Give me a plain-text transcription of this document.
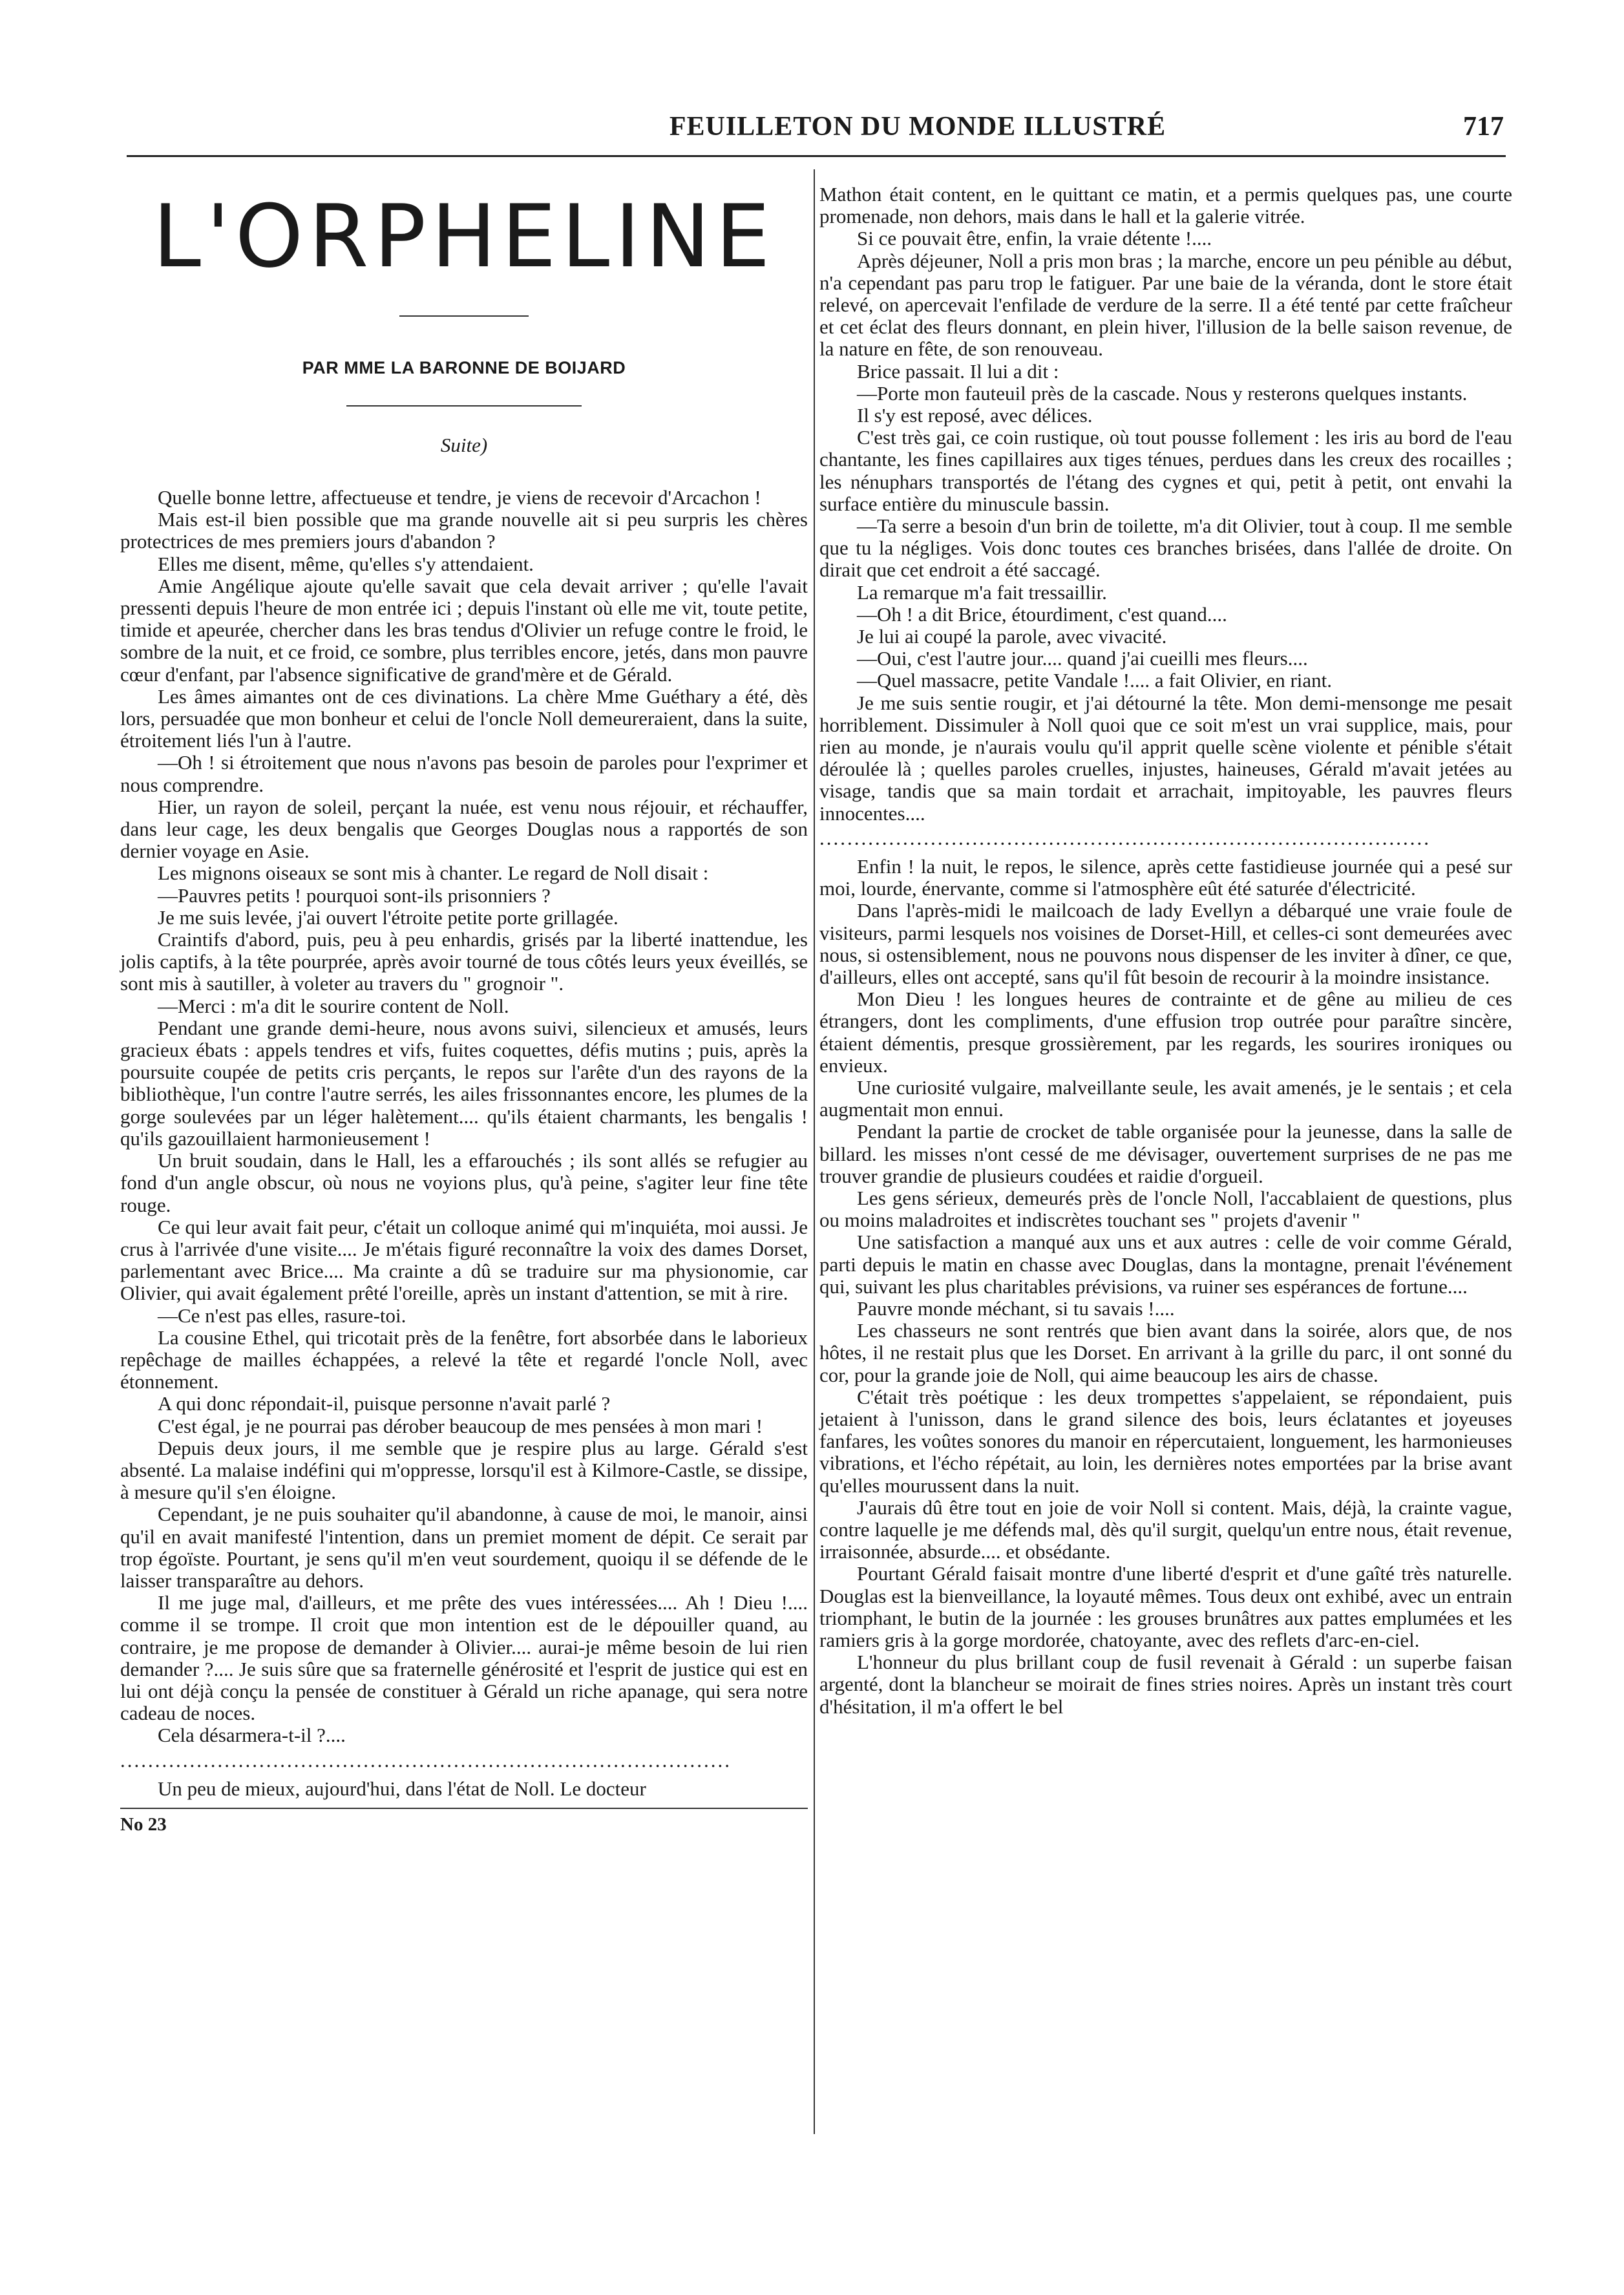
FEUILLETON DU MONDE ILLUSTRÉ	717
L'ORPHELINE
PAR MME LA BARONNE DE BOIJARD
Suite)

Quelle bonne lettre, affectueuse et tendre, je viens de recevoir d'Arcachon !

Mais est-il bien possible que ma grande nouvelle ait si peu surpris les chères protectrices de mes premiers jours d'abandon ?

Elles me disent, même, qu'elles s'y attendaient.

Amie Angélique ajoute qu'elle savait que cela devait arriver ; qu'elle l'avait pressenti depuis l'heure de mon entrée ici ; depuis l'instant où elle me vit, toute petite, timide et apeurée, chercher dans les bras tendus d'Olivier un refuge contre le froid, le sombre de la nuit, et ce froid, ce sombre, plus terribles encore, jetés, dans mon pauvre cœur d'enfant, par l'absence significative de grand'mère et de Gérald.

Les âmes aimantes ont de ces divinations. La chère Mme Guéthary a été, dès lors, persuadée que mon bonheur et celui de l'oncle Noll demeureraient, dans la suite, étroitement liés l'un à l'autre.

—Oh ! si étroitement que nous n'avons pas besoin de paroles pour l'exprimer et nous comprendre.

Hier, un rayon de soleil, perçant la nuée, est venu nous réjouir, et réchauffer, dans leur cage, les deux bengalis que Georges Douglas nous a rapportés de son dernier voyage en Asie.

Les mignons oiseaux se sont mis à chanter. Le regard de Noll disait :

—Pauvres petits ! pourquoi sont-ils prisonniers ?

Je me suis levée, j'ai ouvert l'étroite petite porte grillagée.

Craintifs d'abord, puis, peu à peu enhardis, grisés par la liberté inattendue, les jolis captifs, à la tête pourprée, après avoir tourné de tous côtés leurs yeux éveillés, se sont mis à sautiller, à voleter au travers du " grognoir ".

—Merci : m'a dit le sourire content de Noll.

Pendant une grande demi-heure, nous avons suivi, silencieux et amusés, leurs gracieux ébats : appels tendres et vifs, fuites coquettes, défis mutins ; puis, après la poursuite coupée de petits cris perçants, le repos sur l'arête d'un des rayons de la bibliothèque, l'un contre l'autre serrés, les ailes frissonnantes encore, les plumes de la gorge soulevées par un léger halètement.... qu'ils étaient charmants, les bengalis ! qu'ils gazouillaient harmonieusement !

Un bruit soudain, dans le Hall, les a effarouchés ; ils sont allés se refugier au fond d'un angle obscur, où nous ne voyions plus, qu'à peine, s'agiter leur fine tête rouge.

Ce qui leur avait fait peur, c'était un colloque animé qui m'inquiéta, moi aussi. Je crus à l'arrivée d'une visite.... Je m'étais figuré reconnaître la voix des dames Dorset, parlementant avec Brice.... Ma crainte a dû se traduire sur ma physionomie, car Olivier, qui avait également prêté l'oreille, après un instant d'attention, se mit à rire.

—Ce n'est pas elles, rasure-toi.

La cousine Ethel, qui tricotait près de la fenêtre, fort absorbée dans le laborieux repêchage de mailles échappées, a relevé la tête et regardé l'oncle Noll, avec étonnement.

A qui donc répondait-il, puisque personne n'avait parlé ?

C'est égal, je ne pourrai pas dérober beaucoup de mes pensées à mon mari !

Depuis deux jours, il me semble que je respire plus au large. Gérald s'est absenté. La malaise indéfini qui m'oppresse, lorsqu'il est à Kilmore-Castle, se dissipe, à mesure qu'il s'en éloigne.

Cependant, je ne puis souhaiter qu'il abandonne, à cause de moi, le manoir, ainsi qu'il en avait manifesté l'intention, dans un premiet moment de dépit. Ce serait par trop égoïste. Pourtant, je sens qu'il m'en veut sourdement, quoiqu il se défende de le laisser transparaître au dehors.

Il me juge mal, d'ailleurs, et me prête des vues intéressées.... Ah ! Dieu !.... comme il se trompe. Il croit que mon intention est de le dépouiller quand, au contraire, je me propose de demander à Olivier.... aurai-je même besoin de lui rien demander ?.... Je suis sûre que sa fraternelle générosité et l'esprit de justice qui est en lui ont déjà conçu la pensée de constituer à Gérald un riche apanage, qui sera notre cadeau de noces.

Cela désarmera-t-il ?....

........................................................................................

Un peu de mieux, aujourd'hui, dans l'état de Noll. Le docteur

No 23

Mathon était content, en le quittant ce matin, et a permis quelques pas, une courte promenade, non dehors, mais dans le hall et la galerie vitrée.

Si ce pouvait être, enfin, la vraie détente !....

Après déjeuner, Noll a pris mon bras ; la marche, encore un peu pénible au début, n'a cependant pas paru trop le fatiguer. Par une baie de la véranda, dont le store était relevé, on apercevait l'enfilade de verdure de la serre. Il a été tenté par cette fraîcheur et cet éclat des fleurs donnant, en plein hiver, l'illusion de la belle saison revenue, de la nature en fête, de son renouveau.

Brice passait. Il lui a dit :

—Porte mon fauteuil près de la cascade. Nous y resterons quelques instants.

Il s'y est reposé, avec délices.

C'est très gai, ce coin rustique, où tout pousse follement : les iris au bord de l'eau chantante, les fines capillaires aux tiges ténues, perdues dans les creux des rocailles ; les nénuphars transportés de l'étang des cygnes et qui, petit à petit, ont envahi la surface entière du minuscule bassin.

—Ta serre a besoin d'un brin de toilette, m'a dit Olivier, tout à coup. Il me semble que tu la négliges. Vois donc toutes ces branches brisées, dans l'allée de droite. On dirait que cet endroit a été saccagé.

La remarque m'a fait tressaillir.

—Oh ! a dit Brice, étourdiment, c'est quand....

Je lui ai coupé la parole, avec vivacité.

—Oui, c'est l'autre jour.... quand j'ai cueilli mes fleurs....

—Quel massacre, petite Vandale !.... a fait Olivier, en riant.

Je me suis sentie rougir, et j'ai détourné la tête. Mon demi-mensonge me pesait horriblement. Dissimuler à Noll quoi que ce soit m'est un vrai supplice, mais, pour rien au monde, je n'aurais voulu qu'il apprit quelle scène violente et pénible s'était déroulée là ; quelles paroles cruelles, injustes, haineuses, Gérald m'avait jetées au visage, tandis que sa main tordait et arrachait, impitoyable, les pauvres fleurs innocentes....

........................................................................................

Enfin ! la nuit, le repos, le silence, après cette fastidieuse journée qui a pesé sur moi, lourde, énervante, comme si l'atmosphère eût été saturée d'électricité.

Dans l'après-midi le mailcoach de lady Evellyn a débarqué une vraie foule de visiteurs, parmi lesquels nos voisines de Dorset-Hill, et celles-ci sont demeurées avec nous, si ostensiblement, nous ne pouvons nous dispenser de les inviter à dîner, ce que, d'ailleurs, elles ont accepté, sans qu'il fût besoin de recourir à la moindre insistance.

Mon Dieu ! les longues heures de contrainte et de gêne au milieu de ces étrangers, dont les compliments, d'une effusion trop outrée pour paraître sincère, étaient démentis, presque grossièrement, par les regards, les sourires ironiques ou envieux.

Une curiosité vulgaire, malveillante seule, les avait amenés, je le sentais ; et cela augmentait mon ennui.

Pendant la partie de crocket de table organisée pour la jeunesse, dans la salle de billard. les misses n'ont cessé de me dévisager, ouvertement surprises de ne pas me trouver grandie de plusieurs coudées et raidie d'orgueil.

Les gens sérieux, demeurés près de l'oncle Noll, l'accablaient de questions, plus ou moins maladroites et indiscrètes touchant ses " projets d'avenir "

Une satisfaction a manqué aux uns et aux autres : celle de voir comme Gérald, parti depuis le matin en chasse avec Douglas, dans la montagne, prenait l'événement qui, suivant les plus charitables prévisions, va ruiner ses espérances de fortune....

Pauvre monde méchant, si tu savais !....

Les chasseurs ne sont rentrés que bien avant dans la soirée, alors que, de nos hôtes, il ne restait plus que les Dorset. En arrivant à la grille du parc, il ont sonné du cor, pour la grande joie de Noll, qui aime beaucoup les airs de chasse.

C'était très poétique : les deux trompettes s'appelaient, se répondaient, puis jetaient à l'unisson, dans le grand silence des bois, leurs éclatantes et joyeuses fanfares, les voûtes sonores du manoir en répercutaient, longuement, les harmonieuses vibrations, et l'écho répétait, au loin, les dernières notes emportées par la brise avant qu'elles mourussent dans la nuit.

J'aurais dû être tout en joie de voir Noll si content. Mais, déjà, la crainte vague, contre laquelle je me défends mal, dès qu'il surgit, quelqu'un entre nous, était revenue, irraisonnée, absurde.... et obsédante.

Pourtant Gérald faisait montre d'une liberté d'esprit et d'une gaîté très naturelle. Douglas est la bienveillance, la loyauté mêmes. Tous deux ont exhibé, avec un entrain triomphant, le butin de la journée : les grouses brunâtres aux pattes emplumées et les ramiers gris à la gorge mordorée, chatoyante, avec des reflets d'arc-en-ciel.

L'honneur du plus brillant coup de fusil revenait à Gérald : un superbe faisan argenté, dont la blancheur se moirait de fines stries noires. Après un instant très court d'hésitation, il m'a offert le bel
